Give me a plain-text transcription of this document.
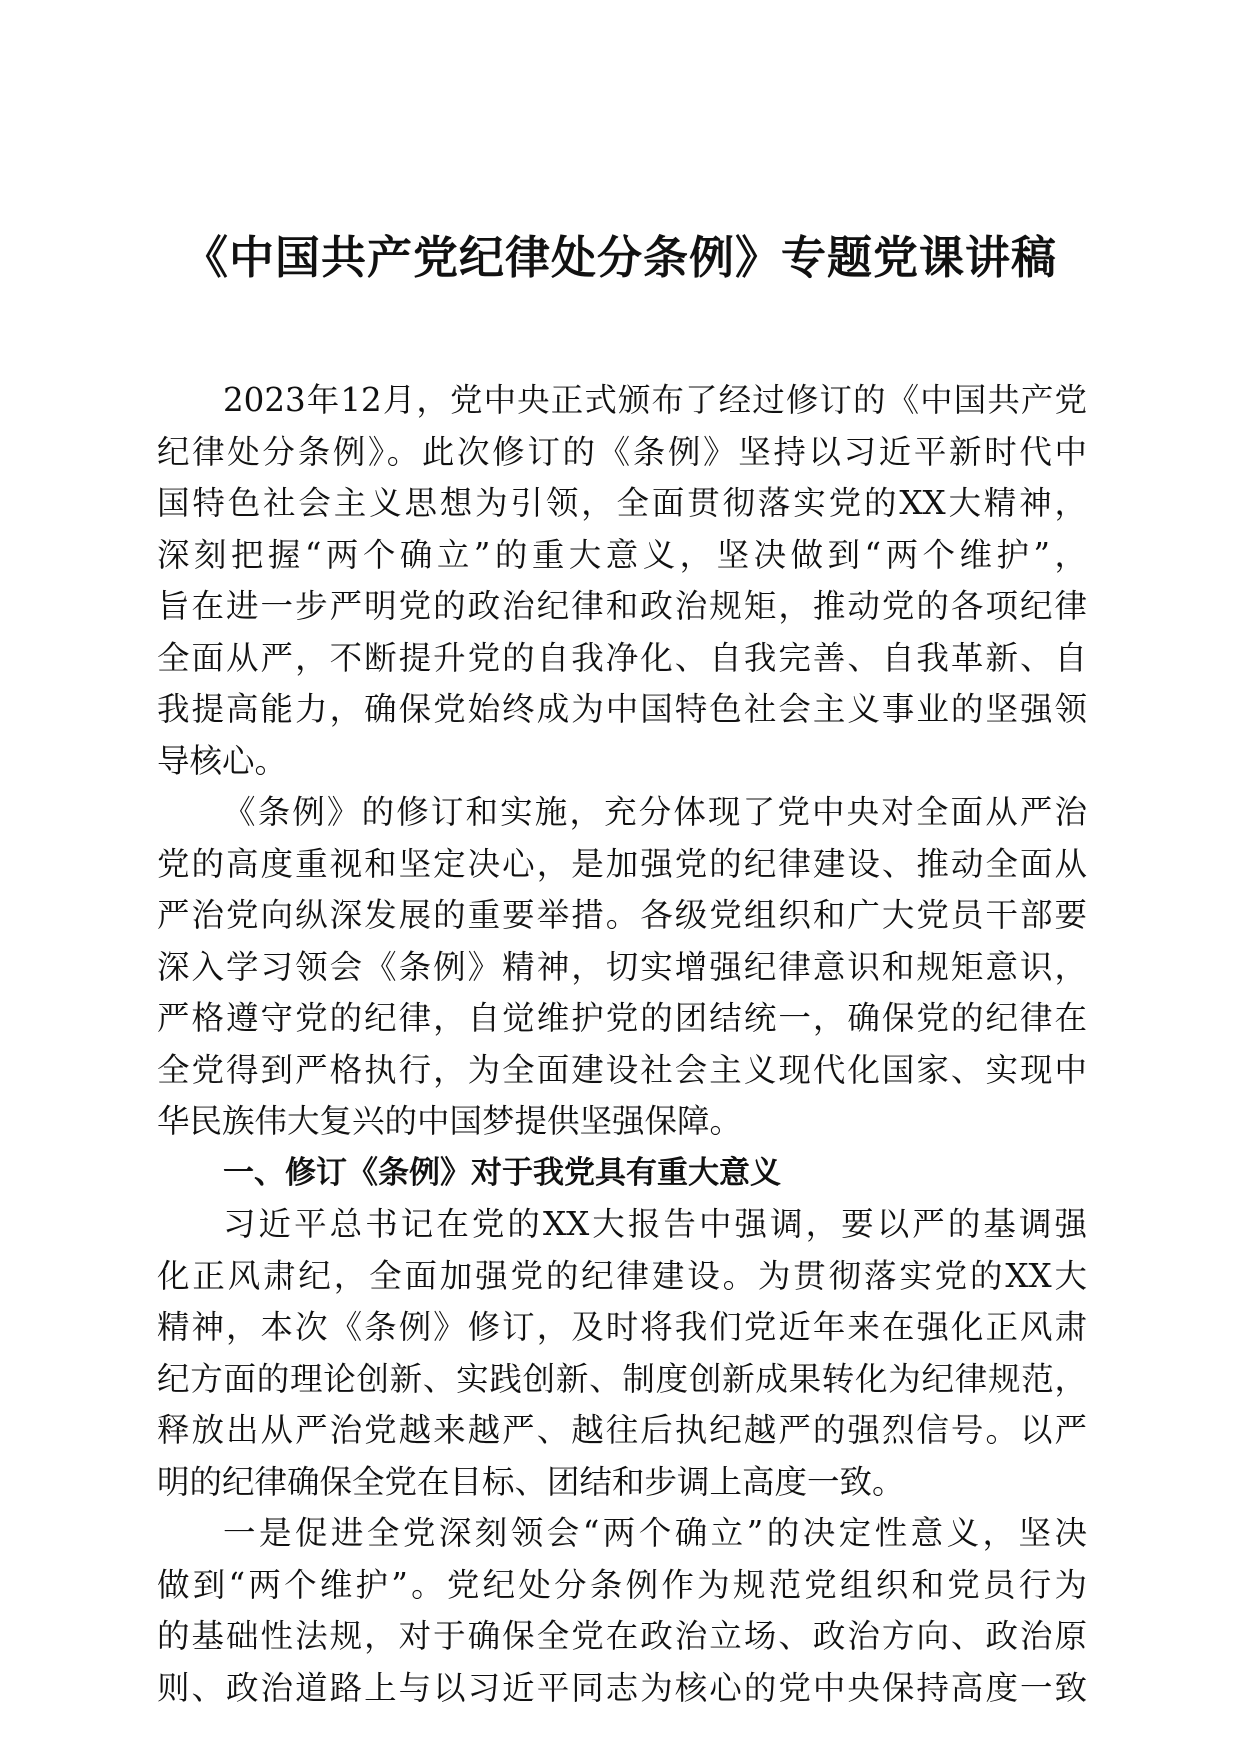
《中国共产党纪律处分条例》专题党课讲稿
2023年12月，党中央正式颁布了经过修订的《中国共产党
纪律处分条例》。此次修订的《条例》坚持以习近平新时代中
国特色社会主义思想为引领，全面贯彻落实党的XX大精神，
深刻把握“两个确立”的重大意义，坚决做到“两个维护”，
旨在进一步严明党的政治纪律和政治规矩，推动党的各项纪律
全面从严，不断提升党的自我净化、自我完善、自我革新、自
我提高能力，确保党始终成为中国特色社会主义事业的坚强领
导核心。
《条例》的修订和实施，充分体现了党中央对全面从严治
党的高度重视和坚定决心，是加强党的纪律建设、推动全面从
严治党向纵深发展的重要举措。各级党组织和广大党员干部要
深入学习领会《条例》精神，切实增强纪律意识和规矩意识，
严格遵守党的纪律，自觉维护党的团结统一，确保党的纪律在
全党得到严格执行，为全面建设社会主义现代化国家、实现中
华民族伟大复兴的中国梦提供坚强保障。
一、修订《条例》对于我党具有重大意义
习近平总书记在党的XX大报告中强调，要以严的基调强
化正风肃纪，全面加强党的纪律建设。为贯彻落实党的XX大
精神，本次《条例》修订，及时将我们党近年来在强化正风肃
纪方面的理论创新、实践创新、制度创新成果转化为纪律规范，
释放出从严治党越来越严、越往后执纪越严的强烈信号。以严
明的纪律确保全党在目标、团结和步调上高度一致。
一是促进全党深刻领会“两个确立”的决定性意义，坚决
做到“两个维护”。党纪处分条例作为规范党组织和党员行为
的基础性法规，对于确保全党在政治立场、政治方向、政治原
则、政治道路上与以习近平同志为核心的党中央保持高度一致
